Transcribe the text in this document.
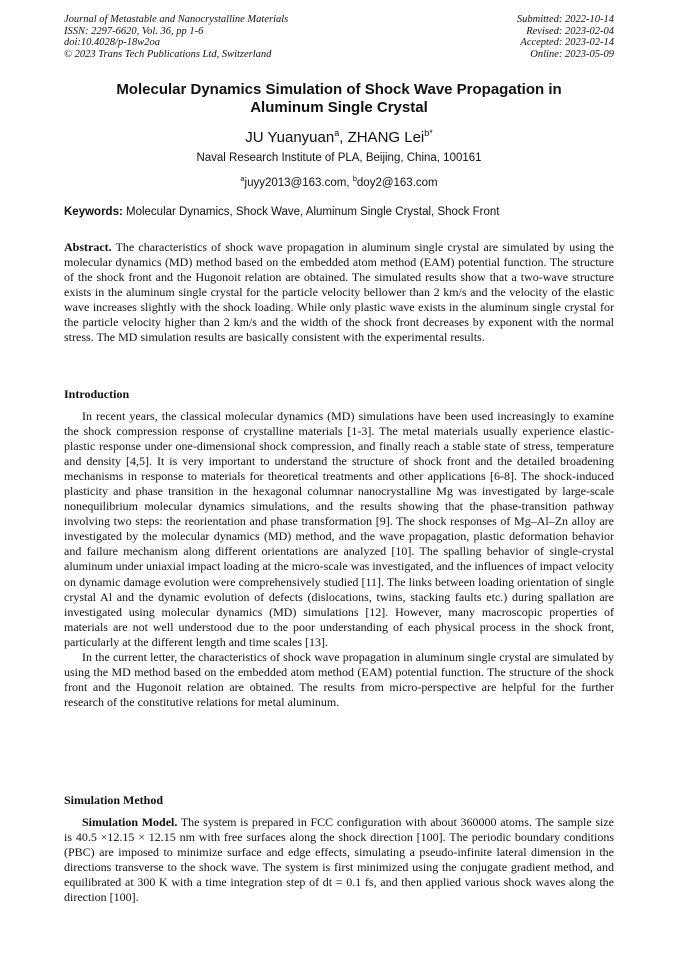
Journal of Metastable and Nanocrystalline Materials
ISSN: 2297-6620, Vol. 36, pp 1-6
doi:10.4028/p-18w2oa
© 2023 Trans Tech Publications Ltd, Switzerland
Submitted: 2022-10-14
Revised: 2023-02-04
Accepted: 2023-02-14
Online: 2023-05-09
Molecular Dynamics Simulation of Shock Wave Propagation in Aluminum Single Crystal
JU Yuanyuan$^a$, ZHANG Lei$^{b*}$
Naval Research Institute of PLA, Beijing, China, 100161
$^a$juyy2013@163.com, $^b$doy2@163.com
Keywords: Molecular Dynamics, Shock Wave, Aluminum Single Crystal, Shock Front
Abstract. The characteristics of shock wave propagation in aluminum single crystal are simulated by using the molecular dynamics (MD) method based on the embedded atom method (EAM) potential function. The structure of the shock front and the Hugonoit relation are obtained. The simulated results show that a two-wave structure exists in the aluminum single crystal for the particle velocity bellower than 2 km/s and the velocity of the elastic wave increases slightly with the shock loading. While only plastic wave exists in the aluminum single crystal for the particle velocity higher than 2 km/s and the width of the shock front decreases by exponent with the normal stress. The MD simulation results are basically consistent with the experimental results.
Introduction

In recent years, the classical molecular dynamics (MD) simulations have been used increasingly to examine the shock compression response of crystalline materials [1-3]. The metal materials usually experience elastic-plastic response under one-dimensional shock compression, and finally reach a stable state of stress, temperature and density [4,5]. It is very important to understand the structure of shock front and the detailed broadening mechanisms in response to materials for theoretical treatments and other applications [6-8]. The shock-induced plasticity and phase transition in the hexagonal columnar nanocrystalline Mg was investigated by large-scale nonequilibrium molecular dynamics simulations, and the results showing that the phase-transition pathway involving two steps: the reorientation and phase transformation [9]. The shock responses of Mg–Al–Zn alloy are investigated by the molecular dynamics (MD) method, and the wave propagation, plastic deformation behavior and failure mechanism along different orientations are analyzed [10]. The spalling behavior of single-crystal aluminum under uniaxial impact loading at the micro-scale was investigated, and the influences of impact velocity on dynamic damage evolution were comprehensively studied [11]. The links between loading orientation of single crystal Al and the dynamic evolution of defects (dislocations, twins, stacking faults etc.) during spallation are investigated using molecular dynamics (MD) simulations [12]. However, many macroscopic properties of materials are not well understood due to the poor understanding of each physical process in the shock front, particularly at the different length and time scales [13].

In the current letter, the characteristics of shock wave propagation in aluminum single crystal are simulated by using the MD method based on the embedded atom method (EAM) potential function. The structure of the shock front and the Hugonoit relation are obtained. The results from micro-perspective are helpful for the further research of the constitutive relations for metal aluminum.

Simulation Method

Simulation Model. The system is prepared in FCC configuration with about 360000 atoms. The sample size is 40.5 ×12.15 × 12.15 nm with free surfaces along the shock direction [100]. The periodic boundary conditions (PBC) are imposed to minimize surface and edge effects, simulating a pseudo-infinite lateral dimension in the directions transverse to the shock wave. The system is first minimized using the conjugate gradient method, and equilibrated at 300 K with a time integration step of dt = 0.1 fs, and then applied various shock waves along the direction [100].
